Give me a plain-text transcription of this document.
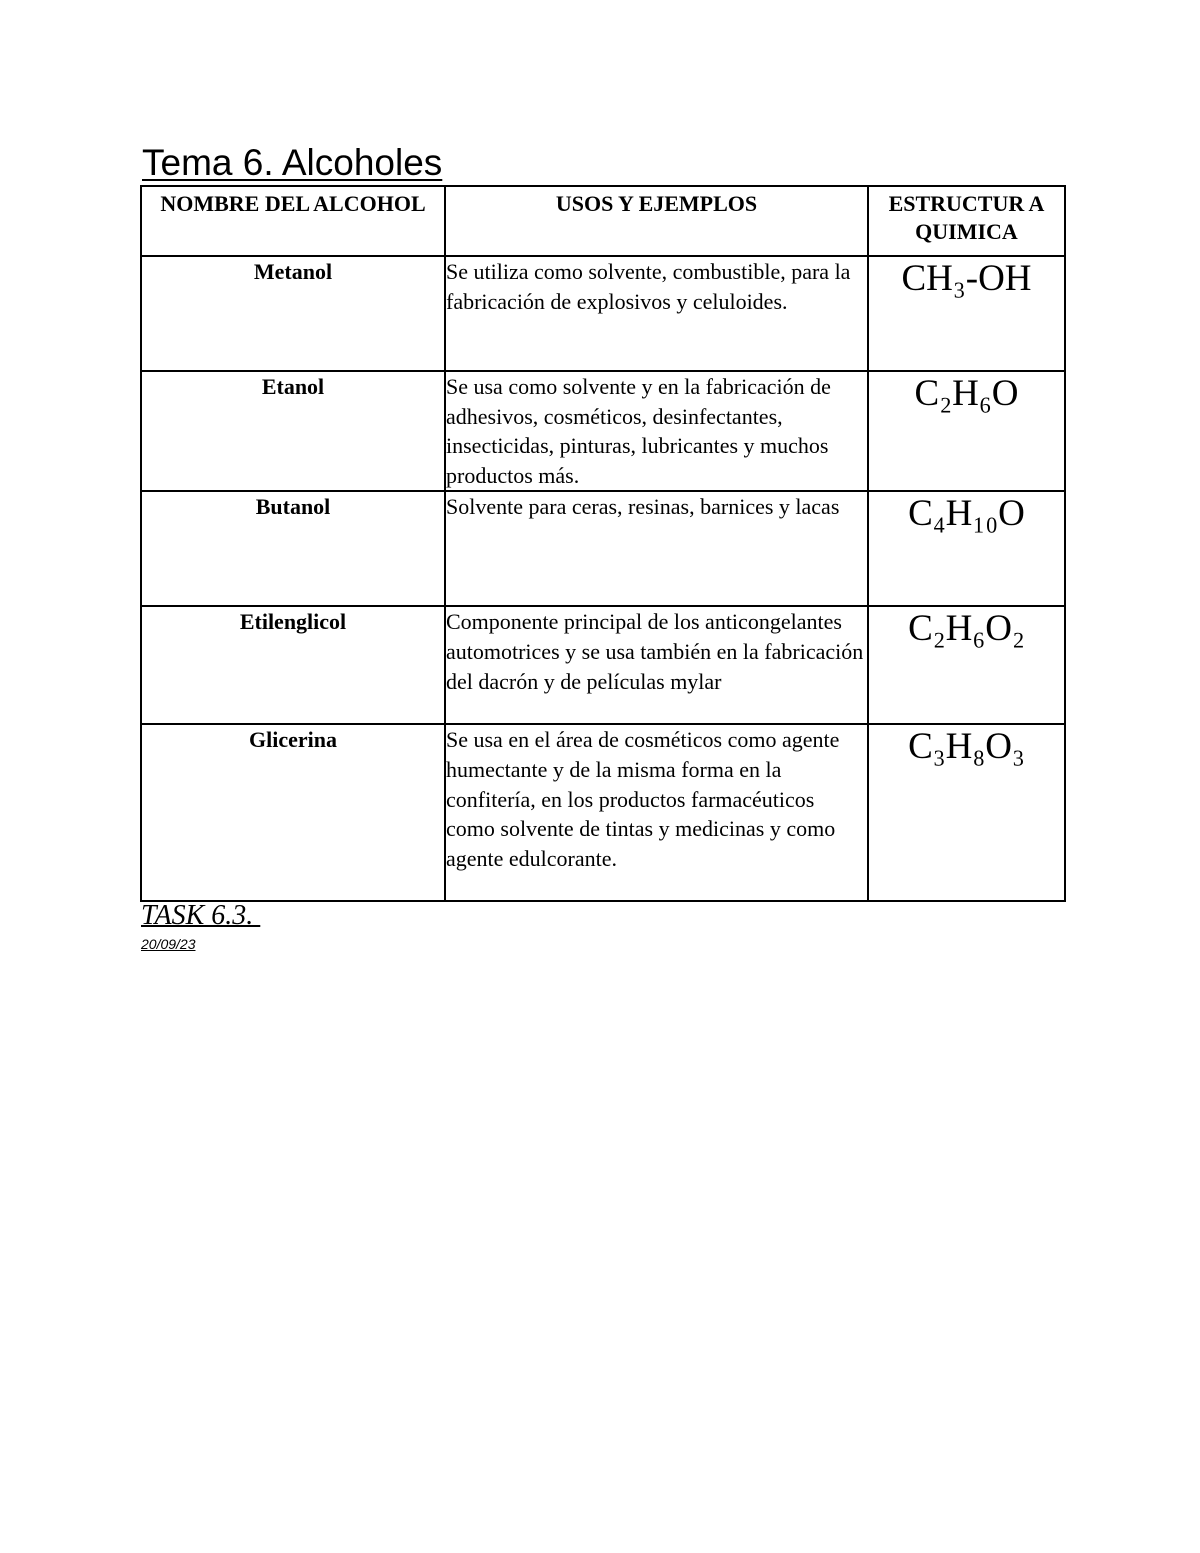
Tema 6. Alcoholes
NOMBRE DEL ALCOHOL	USOS Y EJEMPLOS	ESTRUCTUR A QUIMICA
Metanol	Se utiliza como solvente, combustible, para la fabricación de explosivos y celuloides.	CH₃-OH
Etanol	Se usa como solvente y en la fabricación de adhesivos, cosméticos, desinfectantes, insecticidas, pinturas, lubricantes y muchos productos más.	C₂H₆O
Butanol	Solvente para ceras, resinas, barnices y lacas	C₄H₁₀O
Etilenglicol	Componente principal de los anticongelantes automotrices y se usa también en la fabricación del dacrón y de películas mylar	C₂H₆O₂
Glicerina	Se usa en el área de cosméticos como agente humectante y de la misma forma en la confitería, en los productos farmacéuticos como solvente de tintas y medicinas y como agente edulcorante.	C₃H₈O₃
TASK 6.3.
20/09/23
